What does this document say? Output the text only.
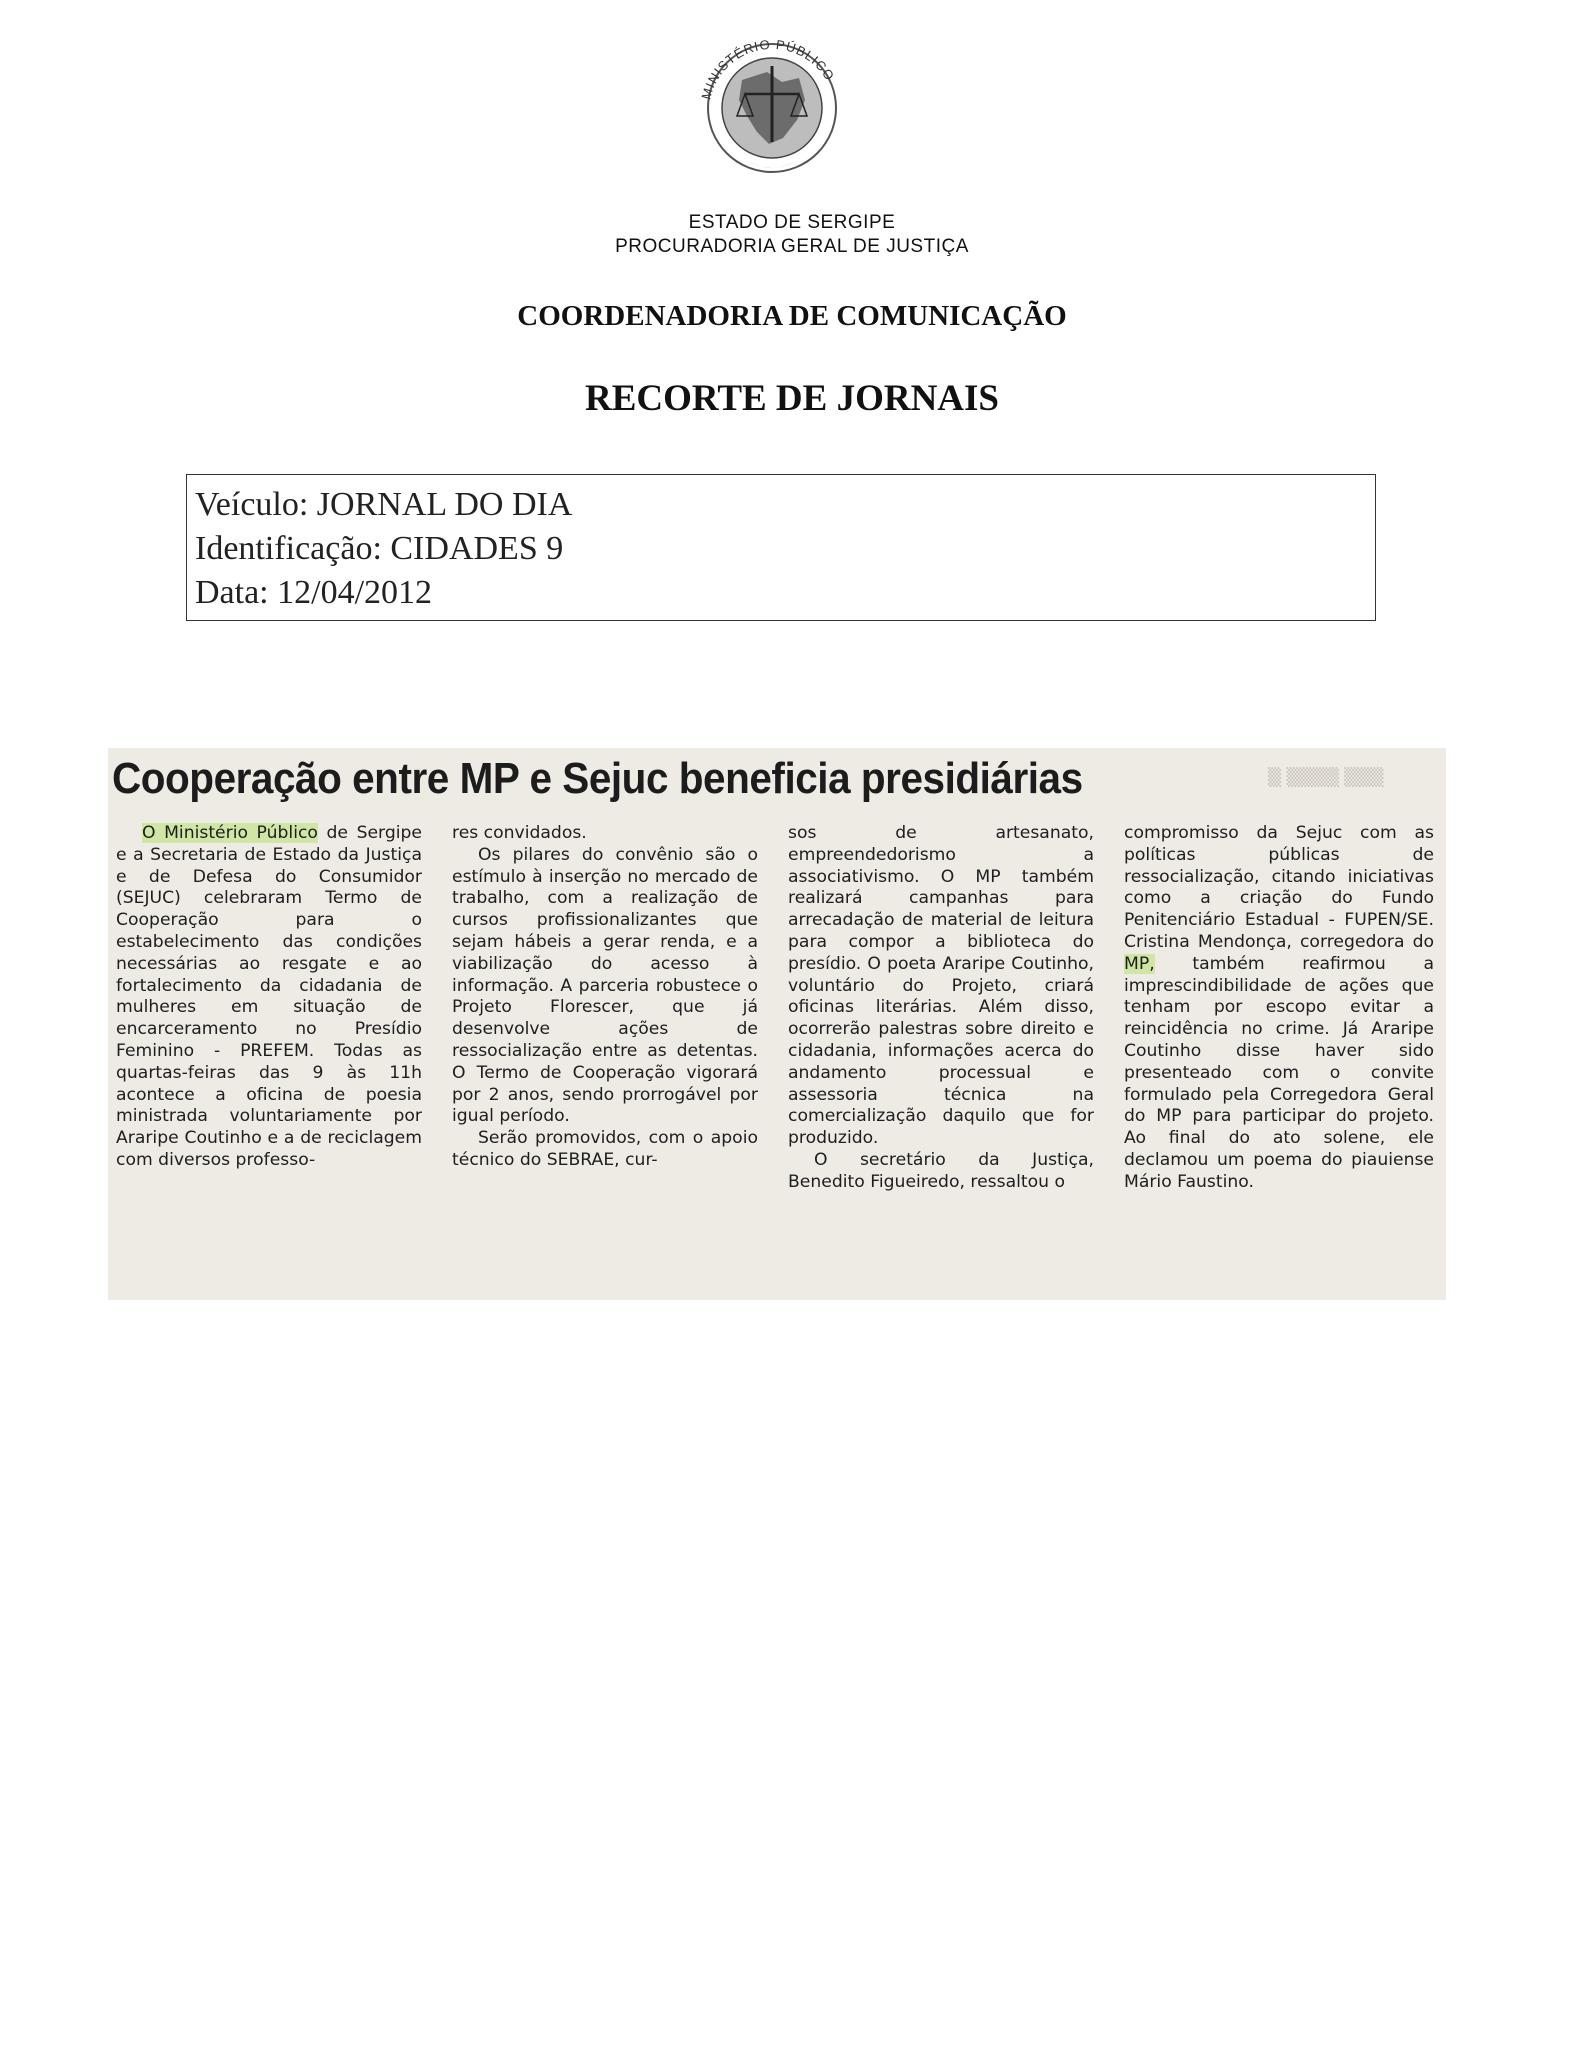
MINISTÉRIO PÚBLICO
ESTADO DE SERGIPE
PROCURADORIA GERAL DE JUSTIÇA
COORDENADORIA DE COMUNICAÇÃO
RECORTE DE JORNAIS
Veículo: JORNAL DO DIA
Identificação: CIDADES 9
Data: 12/04/2012
▒ ▒▒▒▒ ▒▒▒
Cooperação entre MP e Sejuc beneficia presidiárias

O Ministério Público de Sergipe e a Secretaria de Estado da Justiça e de Defesa do Consumidor (SEJUC) celebraram Termo de Cooperação para o estabelecimento das condições necessárias ao resgate e ao fortalecimento da cidadania de mulheres em situação de encarceramento no Presídio Feminino - PREFEM. Todas as quartas-feiras das 9 às 11h acontece a oficina de poesia ministrada voluntariamente por Araripe Coutinho e a de reciclagem com diversos professo-

res convidados.

Os pilares do convênio são o estímulo à inserção no mercado de trabalho, com a realização de cursos profissionalizantes que sejam hábeis a gerar renda, e a viabilização do acesso à informação. A parceria robustece o Projeto Florescer, que já desenvolve ações de ressocialização entre as detentas. O Termo de Cooperação vigorará por 2 anos, sendo prorrogável por igual período.

Serão promovidos, com o apoio técnico do SEBRAE, cur-

sos de artesanato, empreendedorismo a associativismo. O MP também realizará campanhas para arrecadação de material de leitura para compor a biblioteca do presídio. O poeta Araripe Coutinho, voluntário do Projeto, criará oficinas literárias. Além disso, ocorrerão palestras sobre direito e cidadania, informações acerca do andamento processual e assessoria técnica na comercialização daquilo que for produzido.

O secretário da Justiça, Benedito Figueiredo, ressaltou o

compromisso da Sejuc com as políticas públicas de ressocialização, citando iniciativas como a criação do Fundo Penitenciário Estadual - FUPEN/SE. Cristina Mendonça, corregedora do MP, também reafirmou a imprescindibilidade de ações que tenham por escopo evitar a reincidência no crime. Já Araripe Coutinho disse haver sido presenteado com o convite formulado pela Corregedora Geral do MP para participar do projeto. Ao final do ato solene, ele declamou um poema do piauiense Mário Faustino.
